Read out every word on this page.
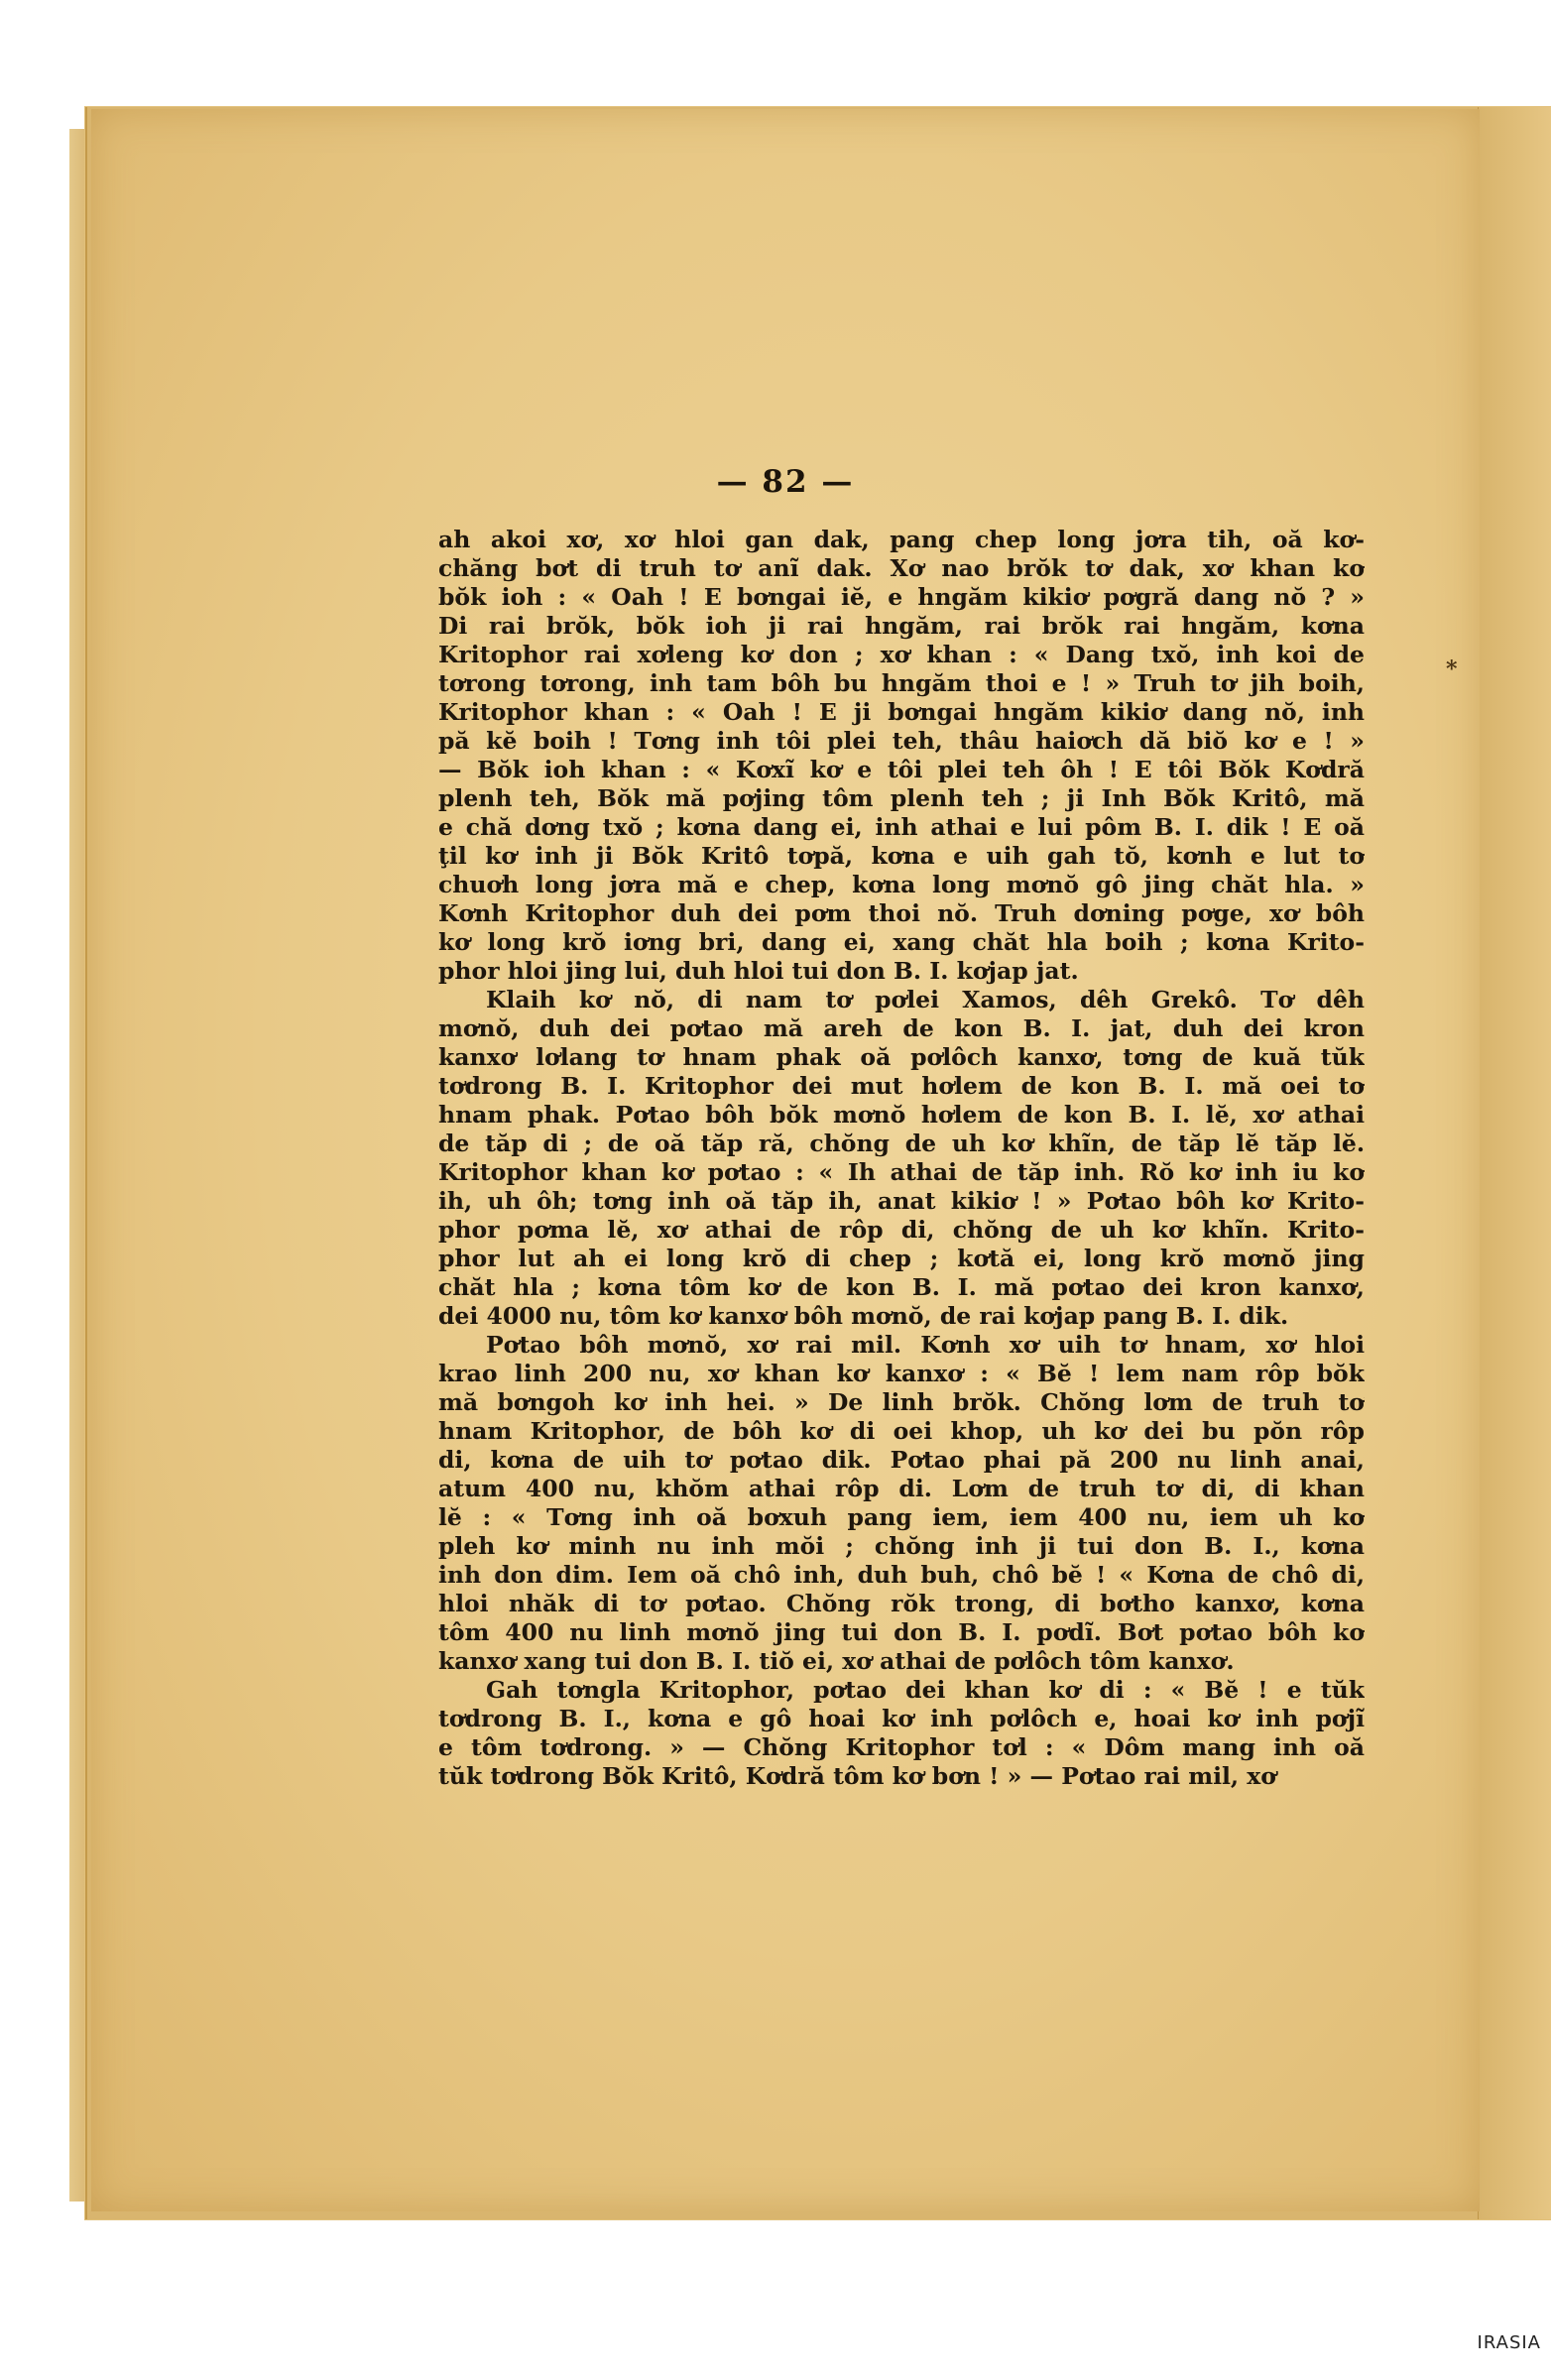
— 82 —
ah akoi xơ, xơ hloi gan dak, pang chep long jơra tih, oă kơ-
chăng bơt di truh tơ anĩ dak. Xơ nao brŏk tơ dak, xơ khan kơ
bŏk ioh : « Oah ! E bơngai iĕ, e hngăm kikiơ pơgră dang nŏ ? »
Di rai brŏk, bŏk ioh ji rai hngăm, rai brŏk rai hngăm, kơna
Kritophor rai xơleng kơ don ; xơ khan : « Dang txŏ, inh koi de
tơrong tơrong, inh tam bôh bu hngăm thoi e ! » Truh tơ jih boih,
Kritophor khan : « Oah ! E ji bơngai hngăm kikiơ dang nŏ, inh
pă kĕ boih ! Tơng inh tôi plei teh, thâu haiơch dă biŏ kơ e ! »
— Bŏk ioh khan : « Kơxĩ kơ e tôi plei teh ôh ! E tôi Bŏk Kơdră
plenh teh, Bŏk mă pơjing tôm plenh teh ; ji Inh Bŏk Kritô, mă
e chă dơng txŏ ; kơna dang ei, inh athai e lui pôm B. I. dik ! E oă
ţil kơ inh ji Bŏk Kritô tơpă, kơna e uih gah tŏ, kơnh e lut tơ
chuơh long jơra mă e chep, kơna long mơnŏ gô jing chăt hla. »
Kơnh Kritophor duh dei pơm thoi nŏ. Truh dơning pơge, xơ bôh
kơ long krŏ iơng bri, dang ei, xang chăt hla boih ; kơna Krito-
phor hloi jing lui, duh hloi tui don B. I. kơjap jat.
Klaih kơ nŏ, di nam tơ pơlei Xamos, dêh Grekô. Tơ dêh
mơnŏ, duh dei pơtao mă areh de kon B. I. jat, duh dei kron
kanxơ lơlang tơ hnam phak oă pơlôch kanxơ, tơng de kuă tŭk
tơdrong B. I. Kritophor dei mut hơlem de kon B. I. mă oei tơ
hnam phak. Pơtao bôh bŏk mơnŏ hơlem de kon B. I. lĕ, xơ athai
de tăp di ; de oă tăp ră, chŏng de uh kơ khĩn, de tăp lĕ tăp lĕ.
Kritophor khan kơ pơtao : « Ih athai de tăp inh. Rŏ kơ inh iu kơ
ih, uh ôh; tơng inh oă tăp ih, anat kikiơ ! » Pơtao bôh kơ Krito-
phor pơma lĕ, xơ athai de rôp di, chŏng de uh kơ khĩn. Krito-
phor lut ah ei long krŏ di chep ; kơtă ei, long krŏ mơnŏ jing
chăt hla ; kơna tôm kơ de kon B. I. mă pơtao dei kron kanxơ,
dei 4000 nu, tôm kơ kanxơ bôh mơnŏ, de rai kơjap pang B. I. dik.
Pơtao bôh mơnŏ, xơ rai mil. Kơnh xơ uih tơ hnam, xơ hloi
krao linh 200 nu, xơ khan kơ kanxơ : « Bĕ ! lem nam rôp bŏk
mă bơngoh kơ inh hei. » De linh brŏk. Chŏng lơm de truh tơ
hnam Kritophor, de bôh kơ di oei khop, uh kơ dei bu pŏn rôp
di, kơna de uih tơ pơtao dik. Pơtao phai pă 200 nu linh anai,
atum 400 nu, khŏm athai rôp di. Lơm de truh tơ di, di khan
lĕ : « Tơng inh oă bơxuh pang iem, iem 400 nu, iem uh kơ
pleh kơ minh nu inh mŏi ; chŏng inh ji tui don B. I., kơna
inh don dim. Iem oă chô inh, duh buh, chô bĕ ! « Kơna de chô di,
hloi nhăk di tơ pơtao. Chŏng rŏk trong, di bơtho kanxơ, kơna
tôm 400 nu linh mơnŏ jing tui don B. I. pơdĩ. Bơt pơtao bôh kơ
kanxơ xang tui don B. I. tiŏ ei, xơ athai de pơlôch tôm kanxơ.
Gah tơngla Kritophor, pơtao dei khan kơ di : « Bĕ ! e tŭk
tơdrong B. I., kơna e gô hoai kơ inh pơlôch e, hoai kơ inh pơjĩ
e tôm tơdrong. » — Chŏng Kritophor tơl : « Dôm mang inh oă
tŭk tơdrong Bŏk Kritô, Kơdră tôm kơ bơn ! » — Pơtao rai mil, xơ
*
IRASIA
